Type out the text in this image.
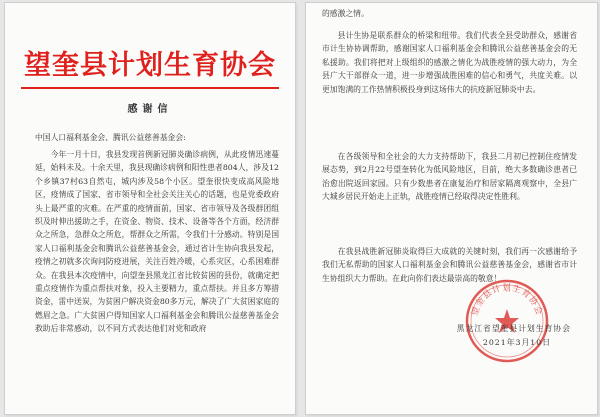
望奎县计划生育协会
感谢信
中国人口福利基金会、腾讯公益慈善基金会:
今年一月十日，我县发现首例新冠肺炎确诊病例，从此疫情迅速蔓延，始料未及。十余天里，我县现确诊病例和阳性患者804人，涉及12个乡镇37村63自然屯，城内涉及58个小区。望奎很快变成高风险地区，疫情成了国家、省市领导和全社会关注关心的话题，也是党委政府头上最严重的灾难。在严重的疫情面前，国家、省市领导及各级群团组织及时伸出援助之手，在资金、物资、技术、设备等各个方面，经济群众之所急，急群众之所危，帮群众之所需，令我们十分感动。特别是国家人口福利基金会和腾讯公益慈善基金会，通过省计生协向我县发起，疫情之初就多次询问防疫进展，关注百姓冷暖，心系灾区，心系困难群众。在我县本次疫情中，向望奎县黑龙江省比较贫困的县份，就确定把重点疫情作为重点帮扶对象，投入主要精力，重点帮扶。并且多方筹措资金，雷中送炭，为贫困户解决资金80多万元，解决了广大贫困家庭的燃眉之急。广大贫困户得知国家人口福利基金会和腾讯公益慈善基金会救助后非常感动，以不同方式表达他们对党和政府
的感激之情。
县计生协是联系群众的桥梁和纽带。我们代表全县受助群众，感谢省市计生协协调帮助，感谢国家人口福利基金会和腾讯公益慈善基金会的无私援助。我们将把对上级组织的感激之情化为战胜疫情的强大动力，为全县广大干部群众一道，进一步增强战胜困难的信心和勇气，共度关难。以更加饱满的工作热情积极投身到这场伟大的抗疫新冠肺炎中去。
在各级领导和全社会的大力支持帮助下，我县二月初已控制住疫情发展态势，到2月22号望奎转化为低风险地区，目前，绝大多数确诊患者已治愈出院返回家园。只有少数患者在康复治疗和居家隔离观察中，全县广大城乡居民开始走上正轨，战胜疫情已经取得决定性胜利。
在我县战胜新冠肺炎取得巨大成就的关键时刻，我们再一次感谢给予我们无私帮助的国家人口福利基金会和腾讯公益慈善基金会，感谢省市计生协组织大力帮助。在此向你们表达最崇高的敬意！
望奎县计划生育协会
黑龙江省望奎县计划生育协会
2021年3月10日
